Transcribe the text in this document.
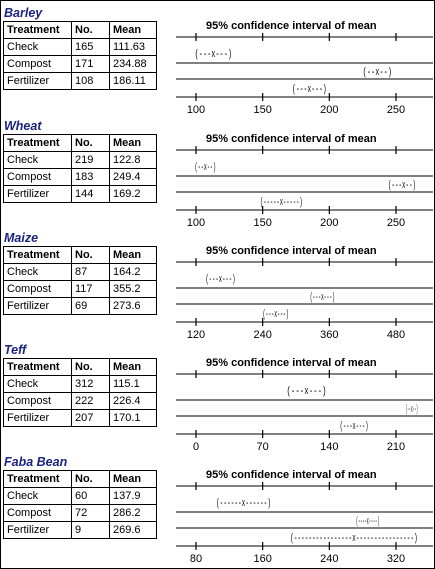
Barley
Treatment	No.	Mean
Check	165	111.63
Compost	171	234.88
Fertilizer	108	186.11
95% confidence interval of mean
100	150	200	250
(---x---)
(--x--)
(---x---)
Wheat
Treatment	No.	Mean
Check	219	122.8
Compost	183	249.4
Fertilizer	144	169.2
95% confidence interval of mean
100	150	200	250
(--x--)
(---x--)
(-----x-----)
Maize
Treatment	No.	Mean
Check	87	164.2
Compost	117	355.2
Fertilizer	69	273.6
95% confidence interval of mean
120	240	360	480
(---x---)
(---x---)
(---x---)
Teff
Treatment	No.	Mean
Check	312	115.1
Compost	222	226.4
Fertilizer	207	170.1
95% confidence interval of mean
0	70	140	210
(---x---)
(--x--)
(---x---)
Faba Bean
Treatment	No.	Mean
Check	60	137.9
Compost	72	286.2
Fertilizer	9	269.6
95% confidence interval of mean
80	160	240	320
(------x------)
(----x----)
(----------------x----------------)
